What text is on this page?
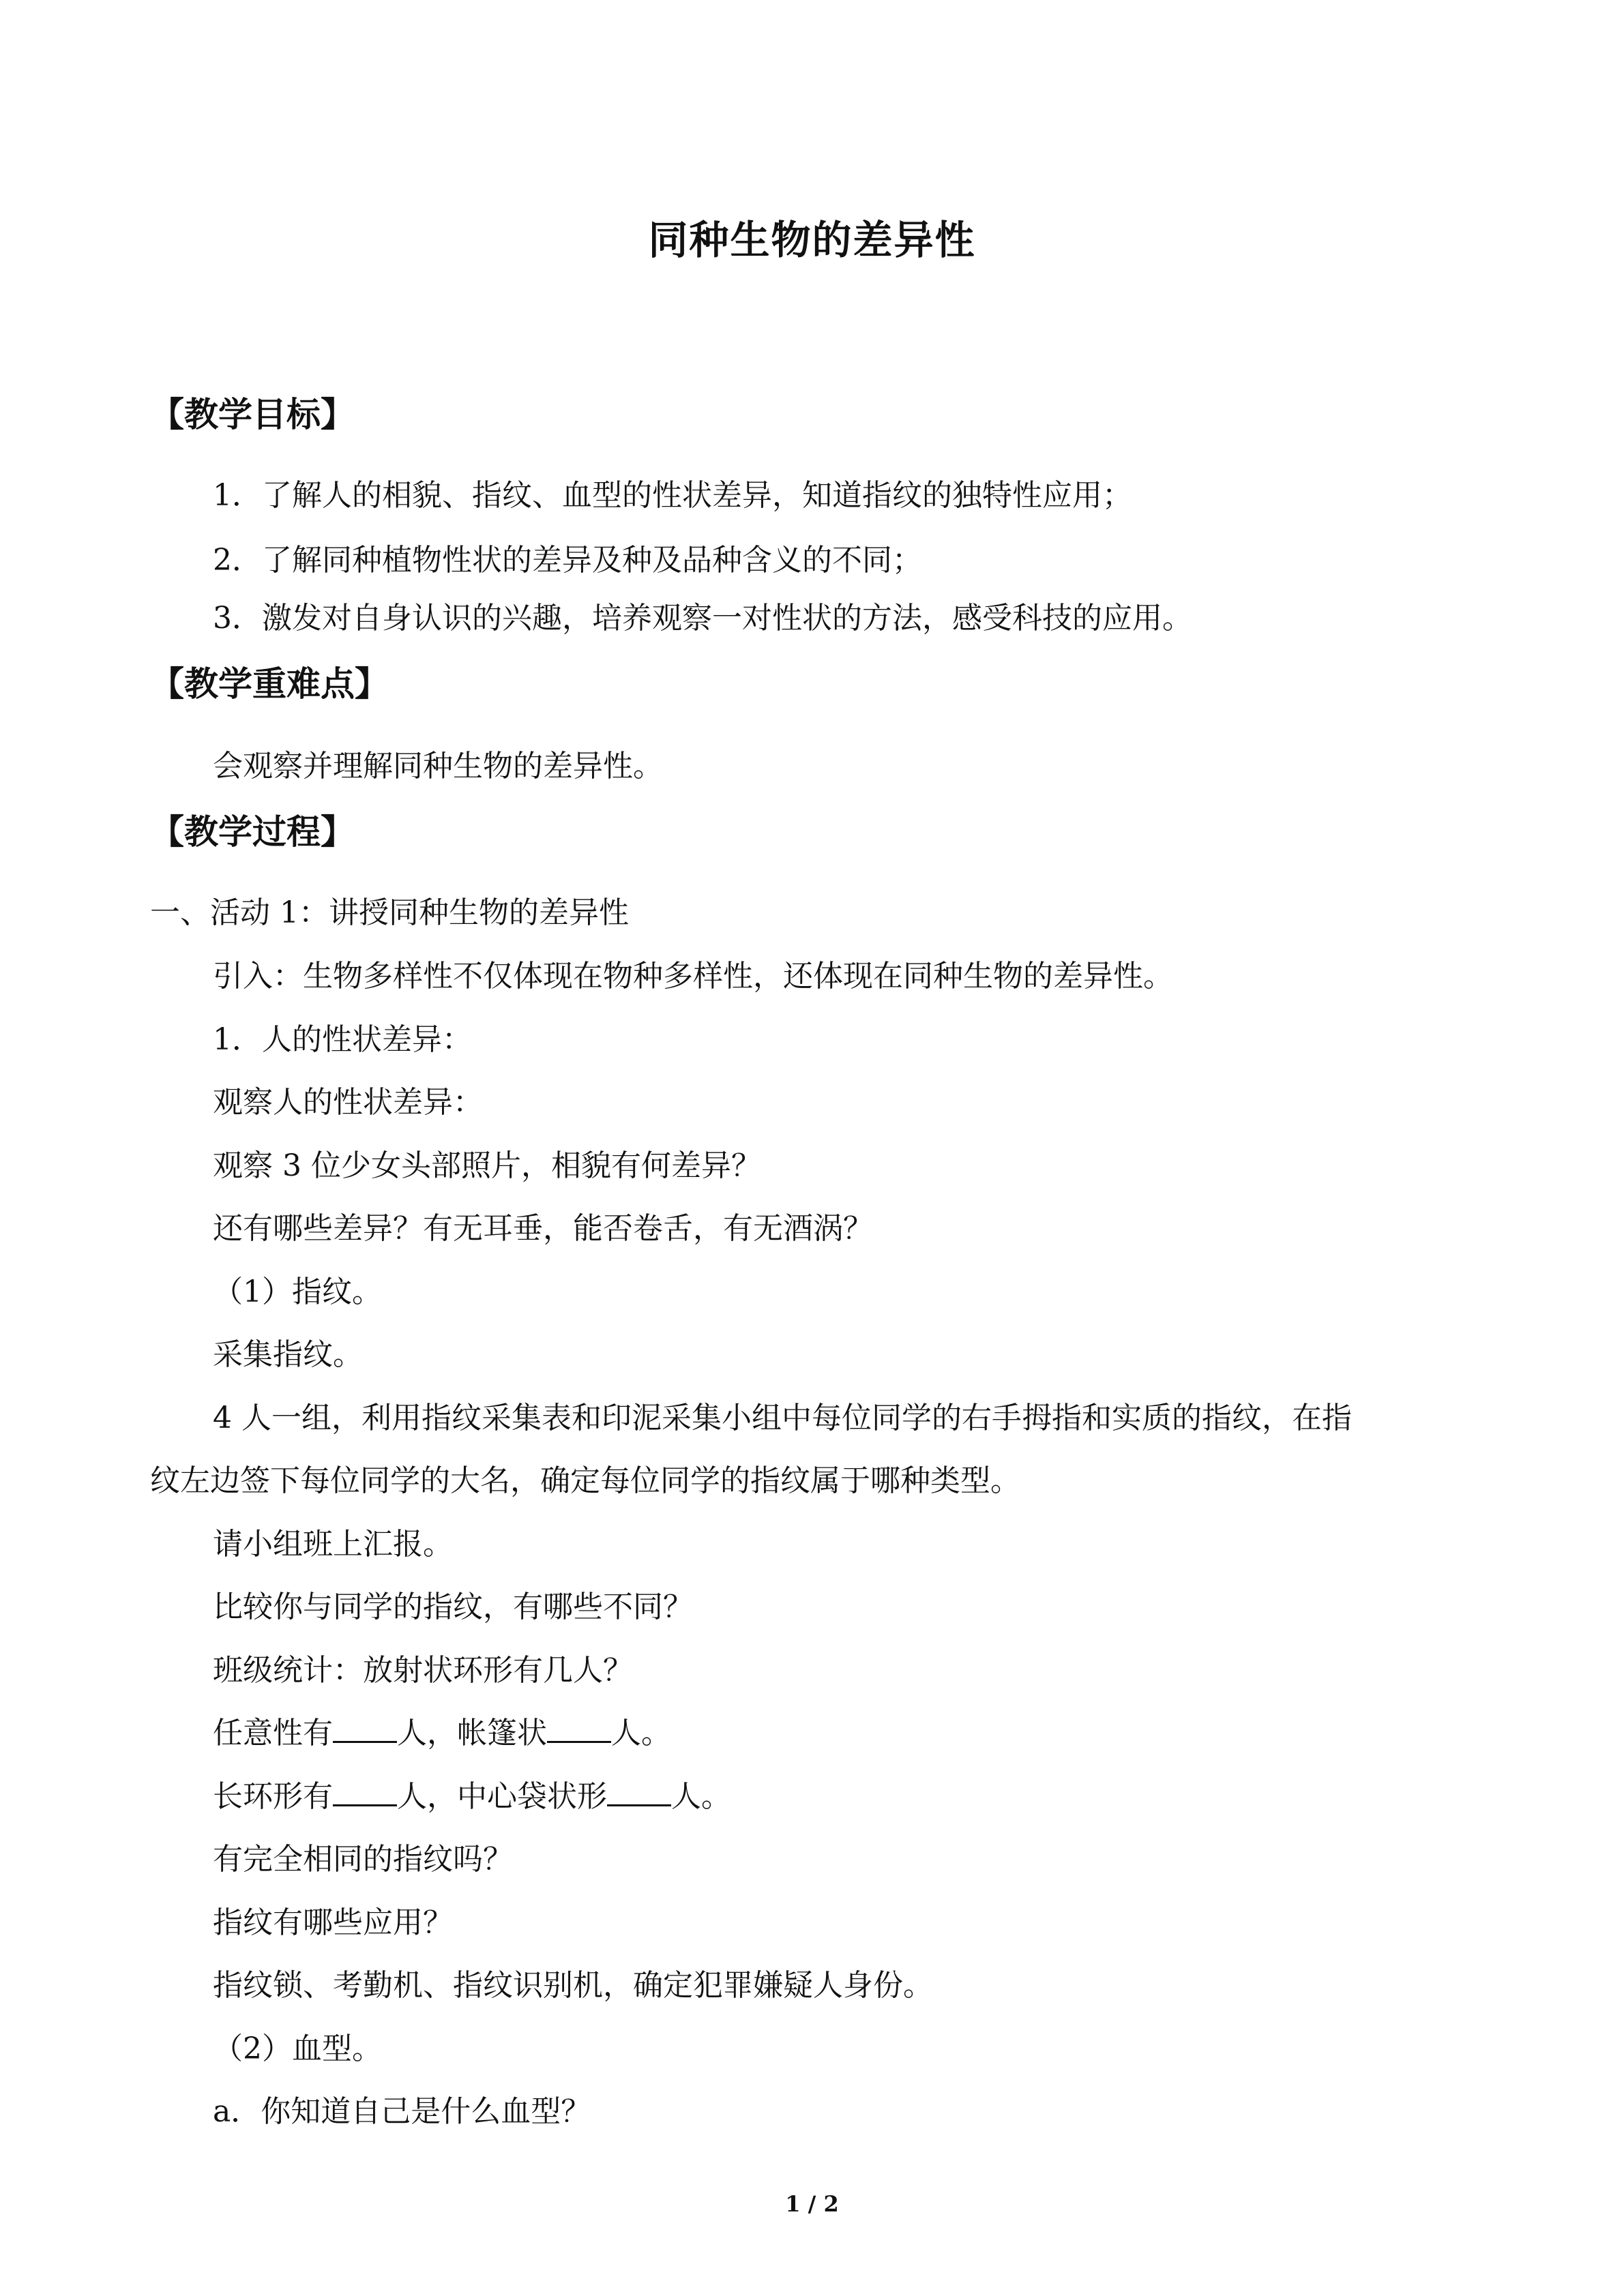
同种生物的差异性
【教学目标】
1．了解人的相貌、指纹、血型的性状差异，知道指纹的独特性应用；
2．了解同种植物性状的差异及种及品种含义的不同；
3．激发对自身认识的兴趣，培养观察一对性状的方法，感受科技的应用。
【教学重难点】
会观察并理解同种生物的差异性。
【教学过程】
一、活动 1：讲授同种生物的差异性
引入：生物多样性不仅体现在物种多样性，还体现在同种生物的差异性。
1．人的性状差异：
观察人的性状差异：
观察 3 位少女头部照片，相貌有何差异？
还有哪些差异？有无耳垂，能否卷舌，有无酒涡？
（1）指纹。
采集指纹。
4 人一组，利用指纹采集表和印泥采集小组中每位同学的右手拇指和实质的指纹，在指
纹左边签下每位同学的大名，确定每位同学的指纹属于哪种类型。
请小组班上汇报。
比较你与同学的指纹，有哪些不同？
班级统计：放射状环形有几人？
任意性有 人，帐篷状 人。
长环形有 人，中心袋状形 人。
有完全相同的指纹吗？
指纹有哪些应用？
指纹锁、考勤机、指纹识别机，确定犯罪嫌疑人身份。
（2）血型。
a．你知道自己是什么血型？
1 / 2
